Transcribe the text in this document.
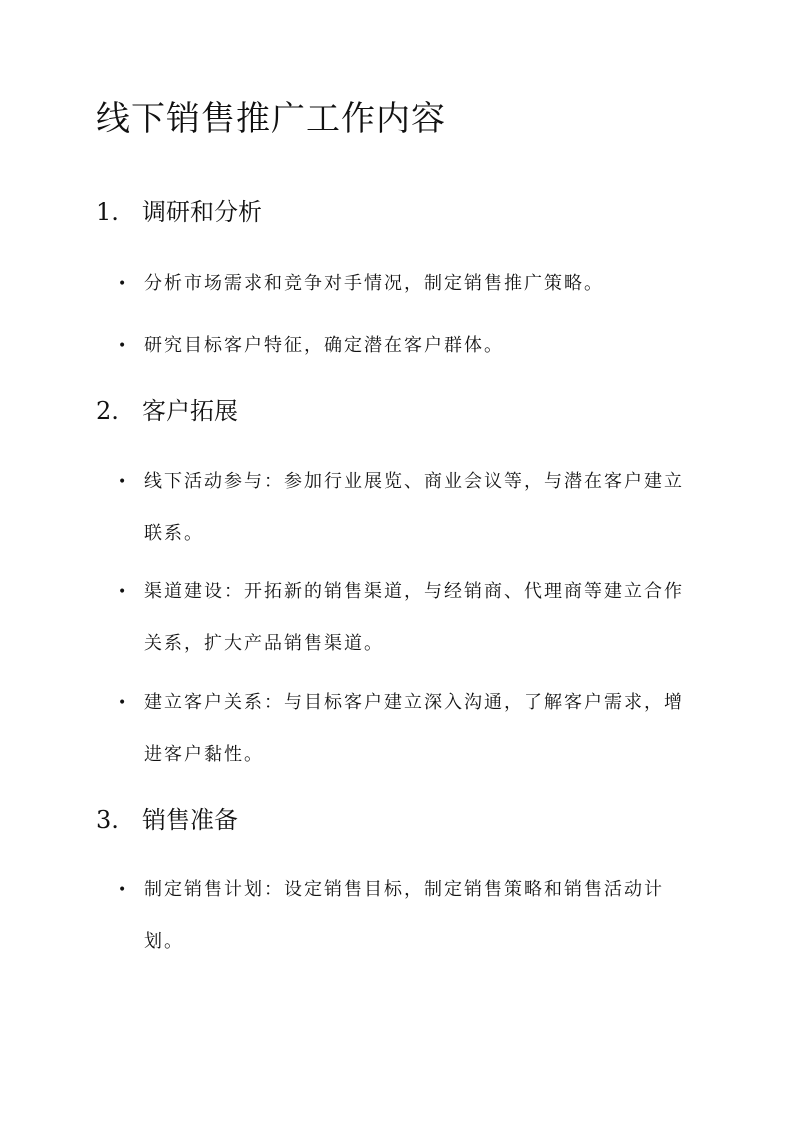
线下销售推广工作内容
1. 调研和分析
• 分析市场需求和竞争对手情况，制定销售推广策略。
• 研究目标客户特征，确定潜在客户群体。
2. 客户拓展
• 线下活动参与：参加行业展览、商业会议等，与潜在客户建立联系。
• 渠道建设：开拓新的销售渠道，与经销商、代理商等建立合作关系，扩大产品销售渠道。
• 建立客户关系：与目标客户建立深入沟通，了解客户需求，增进客户黏性。
3. 销售准备
• 制定销售计划：设定销售目标，制定销售策略和销售活动计划。
